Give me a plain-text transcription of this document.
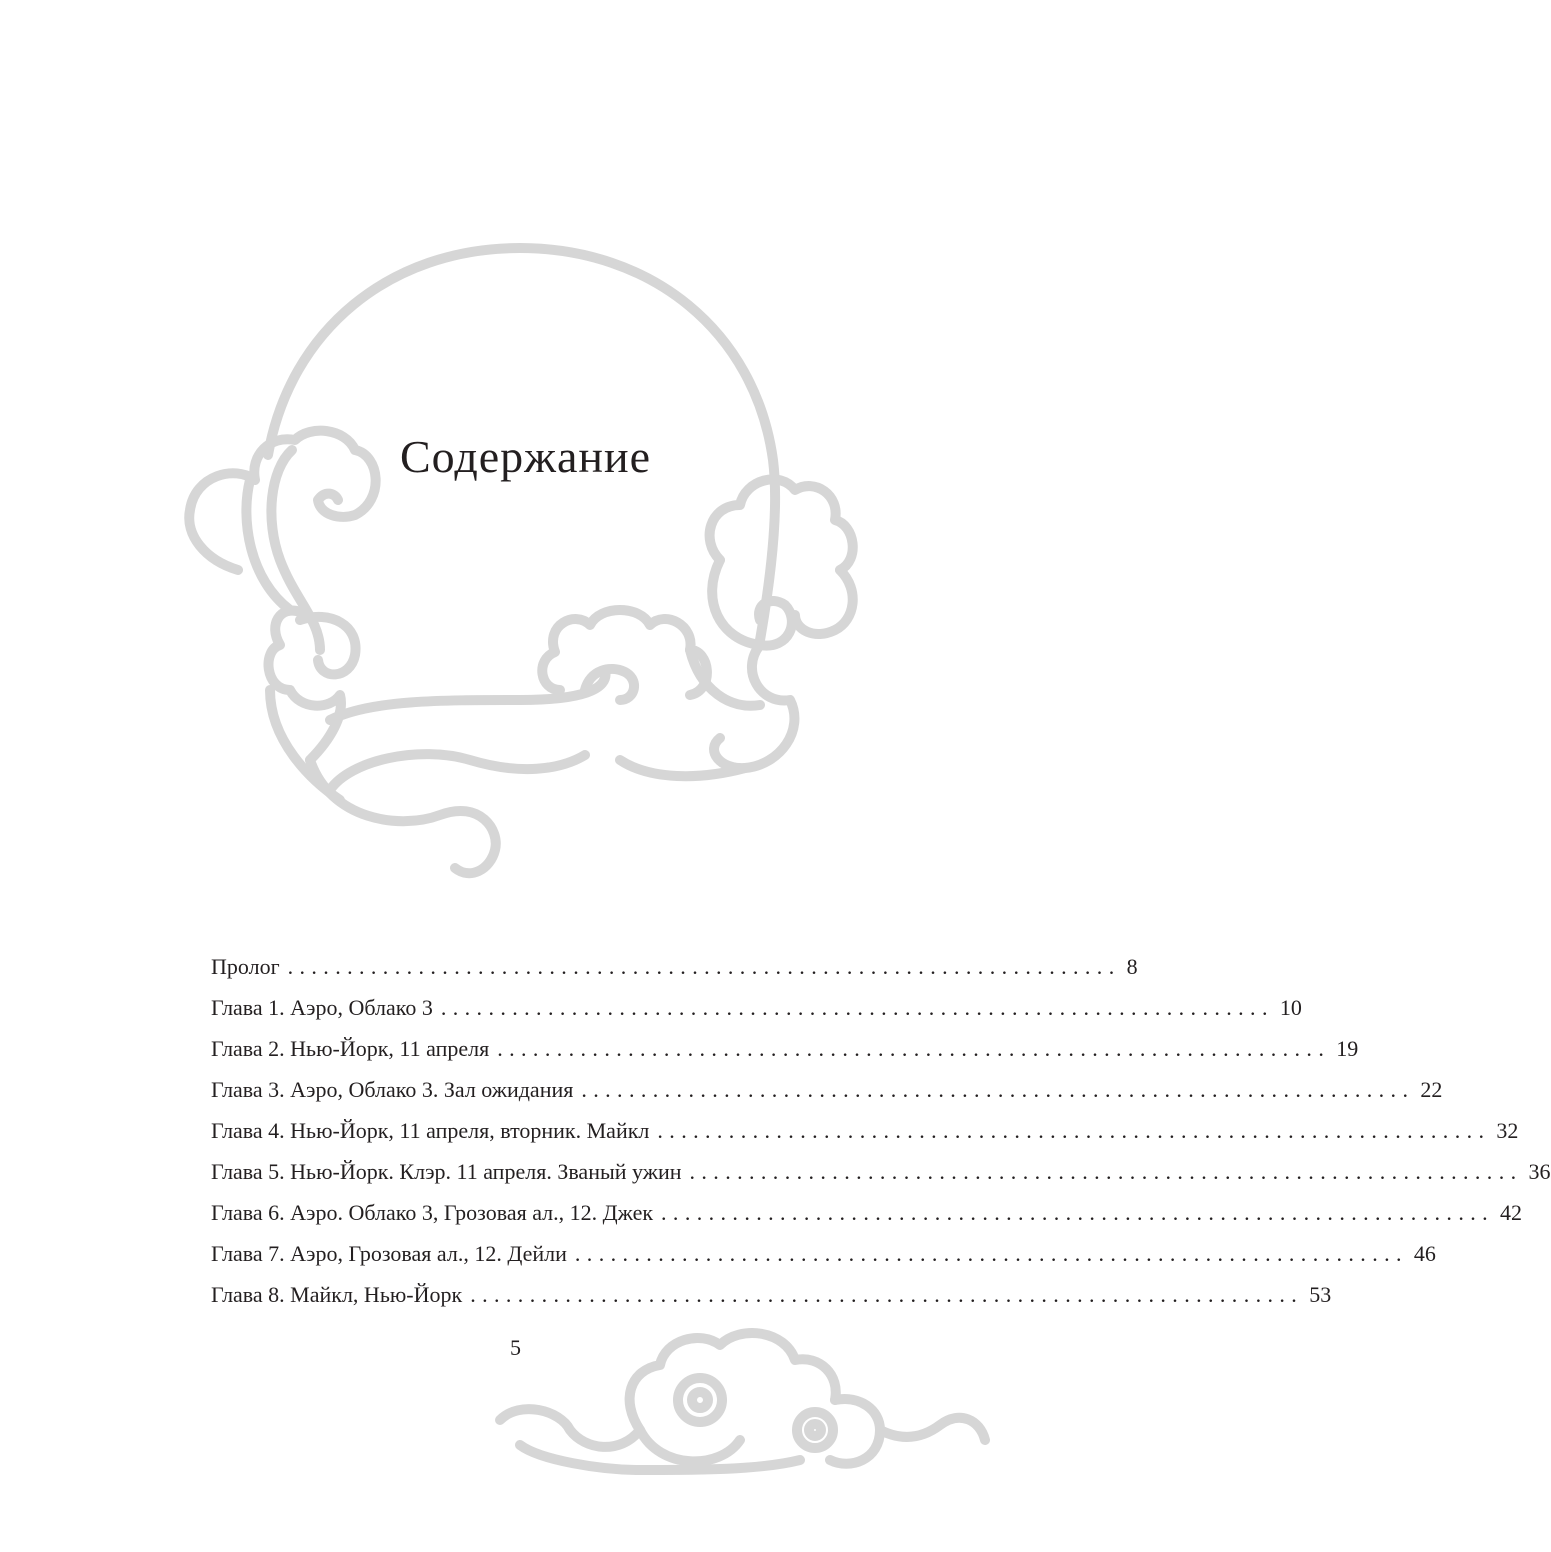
Содержание
Пролог ...................................................................... 8
Глава 1. Аэро, Облако 3 ...................................................................... 10
Глава 2. Нью-Йорк, 11 апреля ...................................................................... 19
Глава 3. Аэро, Облако 3. Зал ожидания ...................................................................... 22
Глава 4. Нью-Йорк, 11 апреля, вторник. Майкл ...................................................................... 32
Глава 5. Нью-Йорк. Клэр. 11 апреля. Званый ужин ...................................................................... 36
Глава 6. Аэро. Облако 3, Грозовая ал., 12. Джек ...................................................................... 42
Глава 7. Аэро, Грозовая ал., 12. Дейли ...................................................................... 46
Глава 8. Майкл, Нью-Йорк ...................................................................... 53
5
